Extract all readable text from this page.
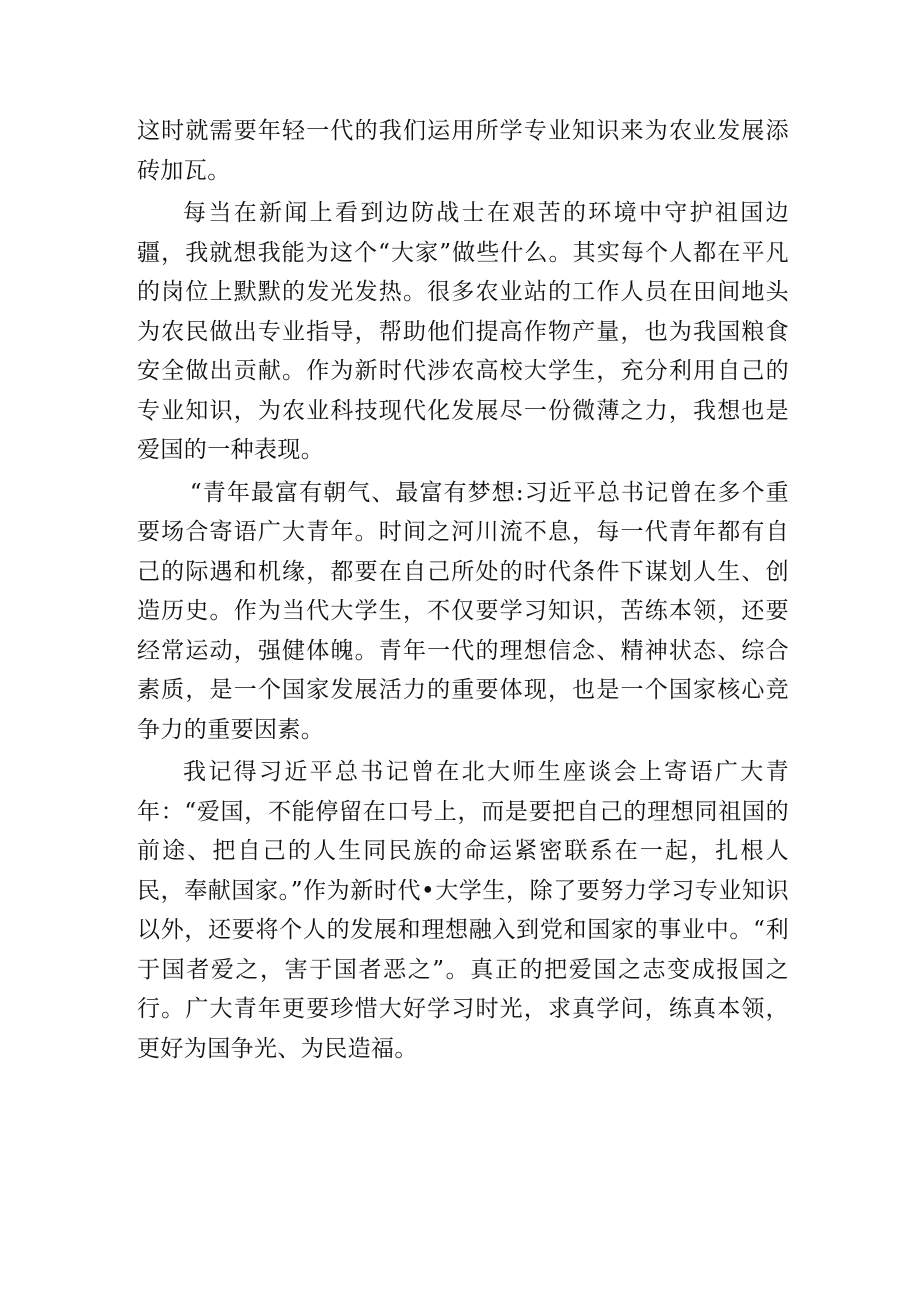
这时就需要年轻一代的我们运用所学专业知识来为农业发展添砖加瓦。

每当在新闻上看到边防战士在艰苦的环境中守护祖国边疆，我就想我能为这个“大家”做些什么。其实每个人都在平凡的岗位上默默的发光发热。很多农业站的工作人员在田间地头为农民做出专业指导，帮助他们提高作物产量，也为我国粮食安全做出贡献。作为新时代涉农高校大学生，充分利用自己的专业知识，为农业科技现代化发展尽一份微薄之力，我想也是爱国的一种表现。

“青年最富有朝气、最富有梦想:习近平总书记曾在多个重要场合寄语广大青年。时间之河川流不息，每一代青年都有自己的际遇和机缘，都要在自己所处的时代条件下谋划人生、创造历史。作为当代大学生，不仅要学习知识，苦练本领，还要经常运动，强健体魄。青年一代的理想信念、精神状态、综合素质，是一个国家发展活力的重要体现，也是一个国家核心竞争力的重要因素。

我记得习近平总书记曾在北大师生座谈会上寄语广大青年：“爱国，不能停留在口号上，而是要把自己的理想同祖国的前途、把自己的人生同民族的命运紧密联系在一起，扎根人民，奉献国家。”作为新时代•大学生，除了要努力学习专业知识以外，还要将个人的发展和理想融入到党和国家的事业中。“利于国者爱之，害于国者恶之”。真正的把爱国之志变成报国之行。广大青年更要珍惜大好学习时光，求真学问，练真本领，更好为国争光、为民造福。
